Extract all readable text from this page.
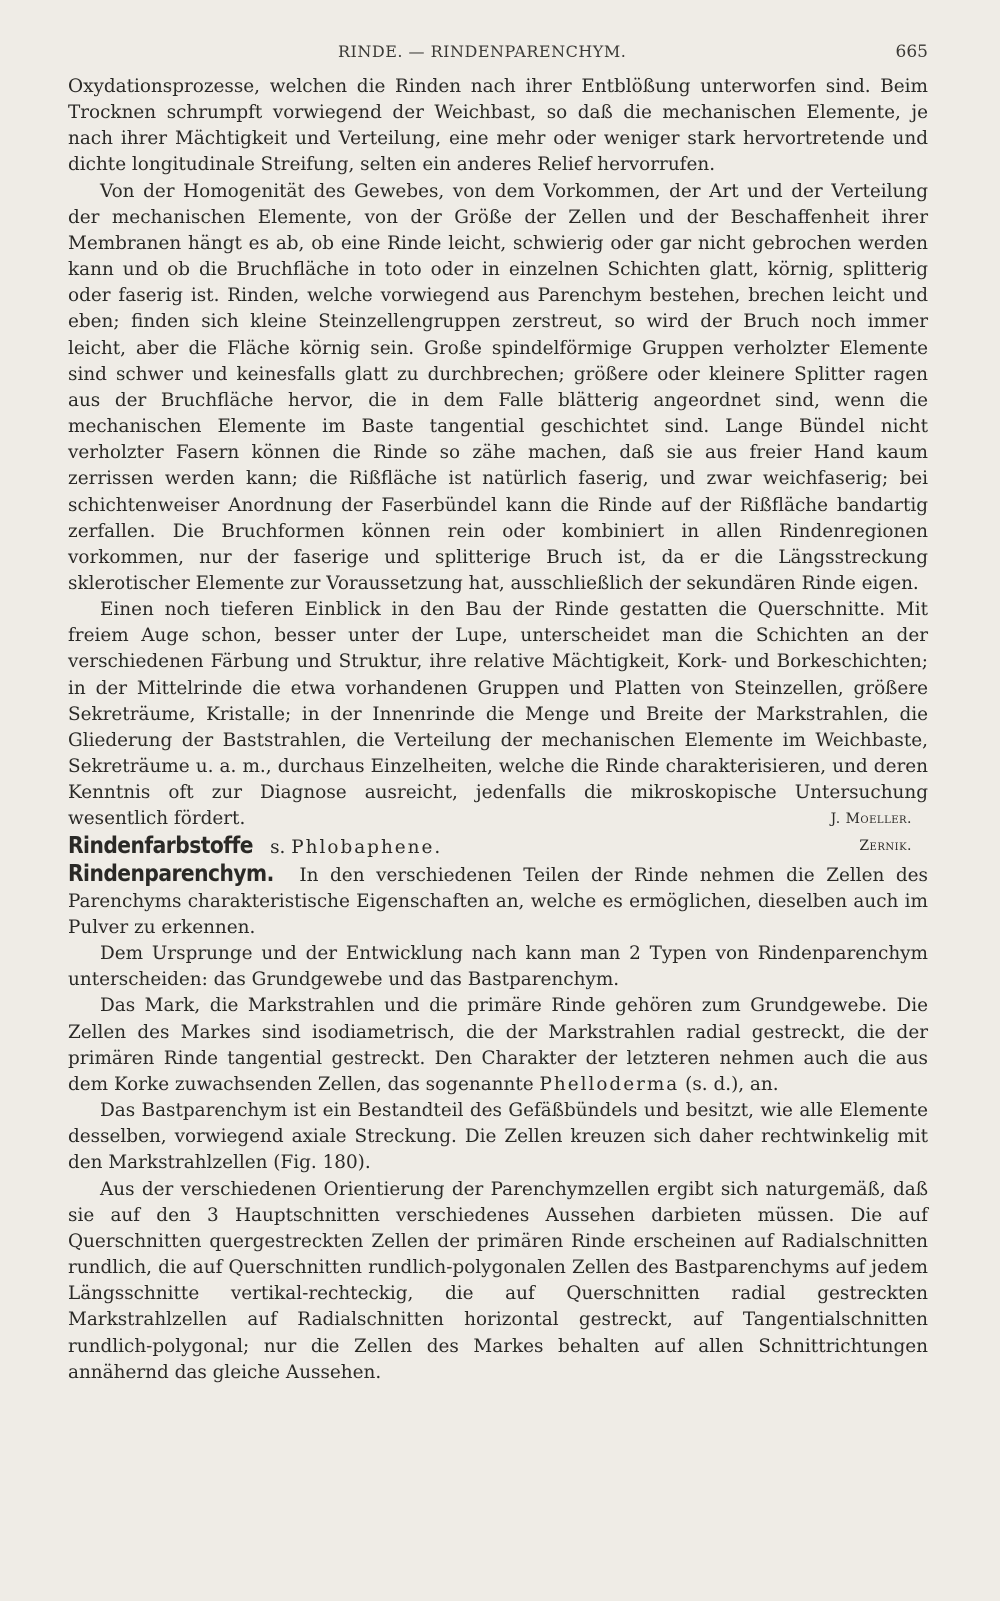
RINDE. — RINDENPARENCHYM.	665

Oxydationsprozesse, welchen die Rinden nach ihrer Entblößung unterworfen sind. Beim Trocknen schrumpft vorwiegend der Weichbast, so daß die mechanischen Elemente, je nach ihrer Mächtigkeit und Verteilung, eine mehr oder weniger stark hervortretende und dichte longitudinale Streifung, selten ein anderes Relief hervorrufen.

Von der Homogenität des Gewebes, von dem Vorkommen, der Art und der Verteilung der mechanischen Elemente, von der Größe der Zellen und der Beschaffenheit ihrer Membranen hängt es ab, ob eine Rinde leicht, schwierig oder gar nicht gebrochen werden kann und ob die Bruchfläche in toto oder in einzelnen Schichten glatt, körnig, splitterig oder faserig ist. Rinden, welche vorwiegend aus Parenchym bestehen, brechen leicht und eben; finden sich kleine Steinzellengruppen zerstreut, so wird der Bruch noch immer leicht, aber die Fläche körnig sein. Große spindelförmige Gruppen verholzter Elemente sind schwer und keinesfalls glatt zu durchbrechen; größere oder kleinere Splitter ragen aus der Bruchfläche hervor, die in dem Falle blätterig angeordnet sind, wenn die mechanischen Elemente im Baste tangential geschichtet sind. Lange Bündel nicht verholzter Fasern können die Rinde so zähe machen, daß sie aus freier Hand kaum zerrissen werden kann; die Rißfläche ist natürlich faserig, und zwar weichfaserig; bei schichtenweiser Anordnung der Faserbündel kann die Rinde auf der Rißfläche bandartig zerfallen. Die Bruchformen können rein oder kombiniert in allen Rindenregionen vorkommen, nur der faserige und splitterige Bruch ist, da er die Längsstreckung sklerotischer Elemente zur Voraussetzung hat, ausschließlich der sekundären Rinde eigen.

Einen noch tieferen Einblick in den Bau der Rinde gestatten die Querschnitte. Mit freiem Auge schon, besser unter der Lupe, unterscheidet man die Schichten an der verschiedenen Färbung und Struktur, ihre relative Mächtigkeit, Kork- und Borkeschichten; in der Mittelrinde die etwa vorhandenen Gruppen und Platten von Steinzellen, größere Sekreträume, Kristalle; in der Innenrinde die Menge und Breite der Markstrahlen, die Gliederung der Baststrahlen, die Verteilung der mechanischen Elemente im Weichbaste, Sekreträume u. a. m., durchaus Einzelheiten, welche die Rinde charakterisieren, und deren Kenntnis oft zur Diagnose ausreicht, jedenfalls die mikroskopische Untersuchung wesentlich fördert.	J. Moeller.

Rindenfarbstoffe s. Phlobaphene.	Zernik.

Rindenparenchym. In den verschiedenen Teilen der Rinde nehmen die Zellen des Parenchyms charakteristische Eigenschaften an, welche es ermöglichen, dieselben auch im Pulver zu erkennen.

Dem Ursprunge und der Entwicklung nach kann man 2 Typen von Rindenparenchym unterscheiden: das Grundgewebe und das Bastparenchym.

Das Mark, die Markstrahlen und die primäre Rinde gehören zum Grundgewebe. Die Zellen des Markes sind isodiametrisch, die der Markstrahlen radial gestreckt, die der primären Rinde tangential gestreckt. Den Charakter der letzteren nehmen auch die aus dem Korke zuwachsenden Zellen, das sogenannte Phelloderma (s. d.), an.

Das Bastparenchym ist ein Bestandteil des Gefäßbündels und besitzt, wie alle Elemente desselben, vorwiegend axiale Streckung. Die Zellen kreuzen sich daher rechtwinkelig mit den Markstrahlzellen (Fig. 180).

Aus der verschiedenen Orientierung der Parenchymzellen ergibt sich naturgemäß, daß sie auf den 3 Hauptschnitten verschiedenes Aussehen darbieten müssen. Die auf Querschnitten quergestreckten Zellen der primären Rinde erscheinen auf Radialschnitten rundlich, die auf Querschnitten rundlich-polygonalen Zellen des Bastparenchyms auf jedem Längsschnitte vertikal-rechteckig, die auf Querschnitten radial gestreckten Markstrahlzellen auf Radialschnitten horizontal gestreckt, auf Tangentialschnitten rundlich-polygonal; nur die Zellen des Markes behalten auf allen Schnittrichtungen annähernd das gleiche Aussehen.
